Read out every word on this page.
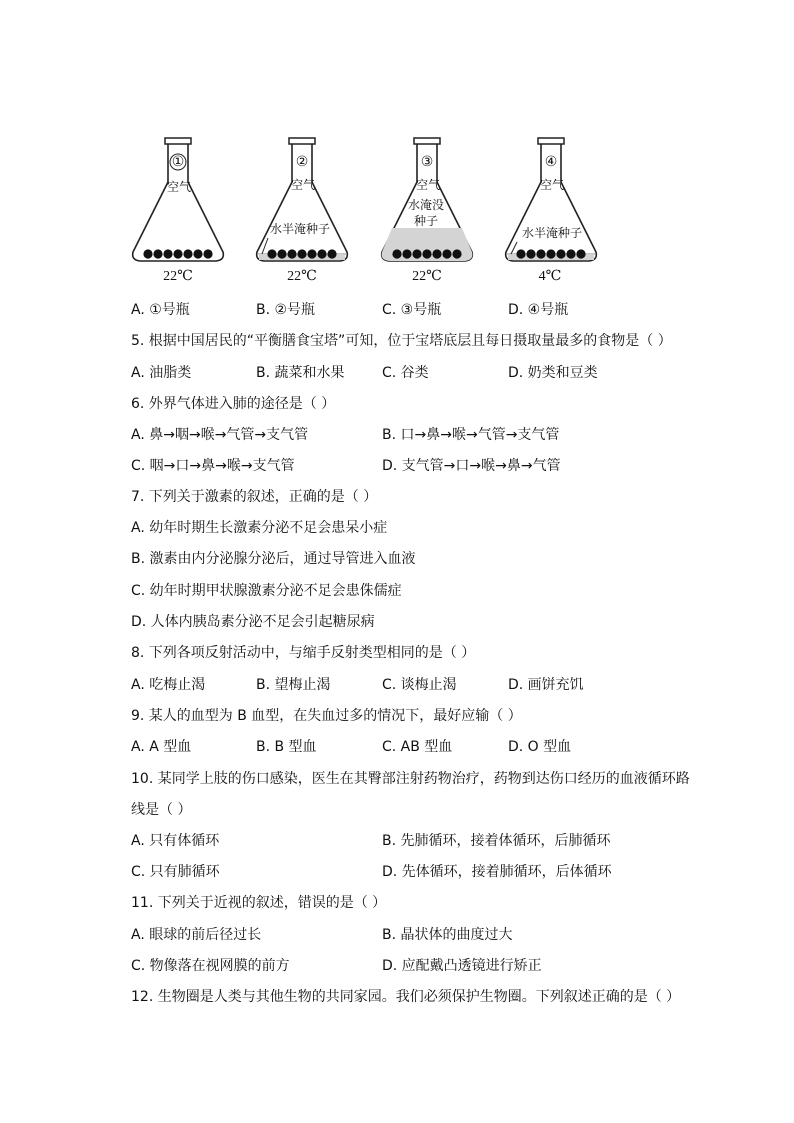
①	②	③	④
空气	空气	空气	空气
水半淹种子
水淹没
种子
水半淹种子
22℃	22℃	22℃	4℃
A. ①号瓶	B. ②号瓶	C. ③号瓶	D. ④号瓶
5. 根据中国居民的“平衡膳食宝塔”可知，位于宝塔底层且每日摄取量最多的食物是（ ）
A. 油脂类	B. 蔬菜和水果	C. 谷类	D. 奶类和豆类
6. 外界气体进入肺的途径是（ ）
A. 鼻→咽→喉→气管→支气管	B. 口→鼻→喉→气管→支气管
C. 咽→口→鼻→喉→支气管	D. 支气管→口→喉→鼻→气管
7. 下列关于激素的叙述，正确的是（ ）
A. 幼年时期生长激素分泌不足会患呆小症
B. 激素由内分泌腺分泌后，通过导管进入血液
C. 幼年时期甲状腺激素分泌不足会患侏儒症
D. 人体内胰岛素分泌不足会引起糖尿病
8. 下列各项反射活动中，与缩手反射类型相同的是（ ）
A. 吃梅止渴	B. 望梅止渴	C. 谈梅止渴	D. 画饼充饥
9. 某人的血型为 B 血型，在失血过多的情况下，最好应输（ ）
A. A 型血	B. B 型血	C. AB 型血	D. O 型血
10. 某同学上肢的伤口感染，医生在其臀部注射药物治疗，药物到达伤口经历的血液循环路
线是（ ）
A. 只有体循环	B. 先肺循环，接着体循环，后肺循环
C. 只有肺循环	D. 先体循环，接着肺循环，后体循环
11. 下列关于近视的叙述，错误的是（ ）
A. 眼球的前后径过长	B. 晶状体的曲度过大
C. 物像落在视网膜的前方	D. 应配戴凸透镜进行矫正
12. 生物圈是人类与其他生物的共同家园。我们必须保护生物圈。下列叙述正确的是（ ）
